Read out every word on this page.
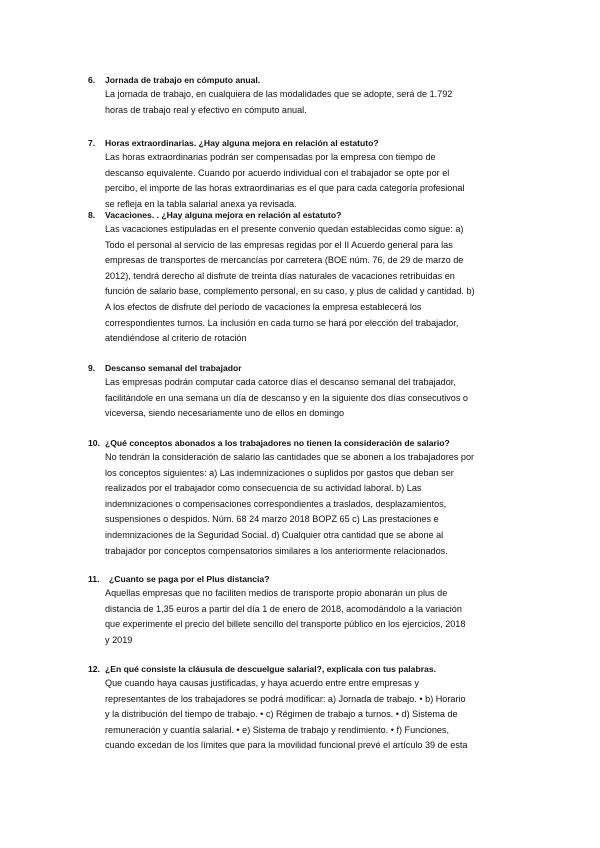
6.	Jornada de trabajo en cómputo anual.
La jornada de trabajo, en cualquiera de las modalidades que se adopte, será de 1.792
horas de trabajo real y efectivo en cómputo anual.
7.	Horas extraordinarias. ¿Hay alguna mejora en relación al estatuto?
Las horas extraordinarias podrán ser compensadas por la empresa con tiempo de
descanso equivalente. Cuando por acuerdo individual con el trabajador se opte por el
percibo, el importe de las horas extraordinarias es el que para cada categoría profesional
se refleja en la tabla salarial anexa ya revisada.
8.	Vacaciones. . ¿Hay alguna mejora en relación al estatuto?
Las vacaciones estipuladas en el presente convenio quedan establecidas como sigue: a)
Todo el personal al servicio de las empresas regidas por el II Acuerdo general para las
empresas de transportes de mercancías por carretera (BOE núm. 76, de 29 de marzo de
2012), tendrá derecho al disfrute de treinta días naturales de vacaciones retribuidas en
función de salario base, complemento personal, en su caso, y plus de calidad y cantidad. b)
A los efectos de disfrute del período de vacaciones la empresa establecerá los
correspondientes turnos. La inclusión en cada turno se hará por elección del trabajador,
atendiéndose al criterio de rotación
9.	Descanso semanal del trabajador
Las empresas podrán computar cada catorce días el descanso semanal del trabajador,
facilitándole en una semana un día de descanso y en la siguiente dos días consecutivos o
viceversa, siendo necesariamente uno de ellos en domingo
10. ¿Qué conceptos abonados a los trabajadores no tienen la consideración de salario?
No tendrán la consideración de salario las cantidades que se abonen a los trabajadores por
los conceptos siguientes: a) Las indemnizaciones o suplidos por gastos que deban ser
realizados por el trabajador como consecuencia de su actividad laboral. b) Las
indemnizaciones o compensaciones correspondientes a traslados, desplazamientos,
suspensiones o despidos. Núm. 68 24 marzo 2018 BOPZ 65 c) Las prestaciones e
indemnizaciones de la Seguridad Social. d) Cualquier otra cantidad que se abone al
trabajador por conceptos compensatorios similares a los anteriormente relacionados.
11.	¿Cuanto se paga por el Plus distancia?
Aquellas empresas que no faciliten medios de transporte propio abonarán un plus de
distancia de 1,35 euros a partir del día 1 de enero de 2018, acomodándolo a la variación
que experimente el precio del billete sencillo del transporte público en los ejercicios, 2018
y 2019
12. ¿En qué consiste la cláusula de descuelgue salarial?, explicala con tus palabras.
Que cuando haya causas justificadas, y haya acuerdo entre entre empresas y
representantes de los trabajadores se podrá modificar: a) Jornada de trabajo. • b) Horario
y la distribución del tiempo de trabajo. • c) Régimen de trabajo a turnos. • d) Sistema de
remuneración y cuantía salarial. • e) Sistema de trabajo y rendimiento. • f) Funciones,
cuando excedan de los límites que para la movilidad funcional prevé el artículo 39 de esta
